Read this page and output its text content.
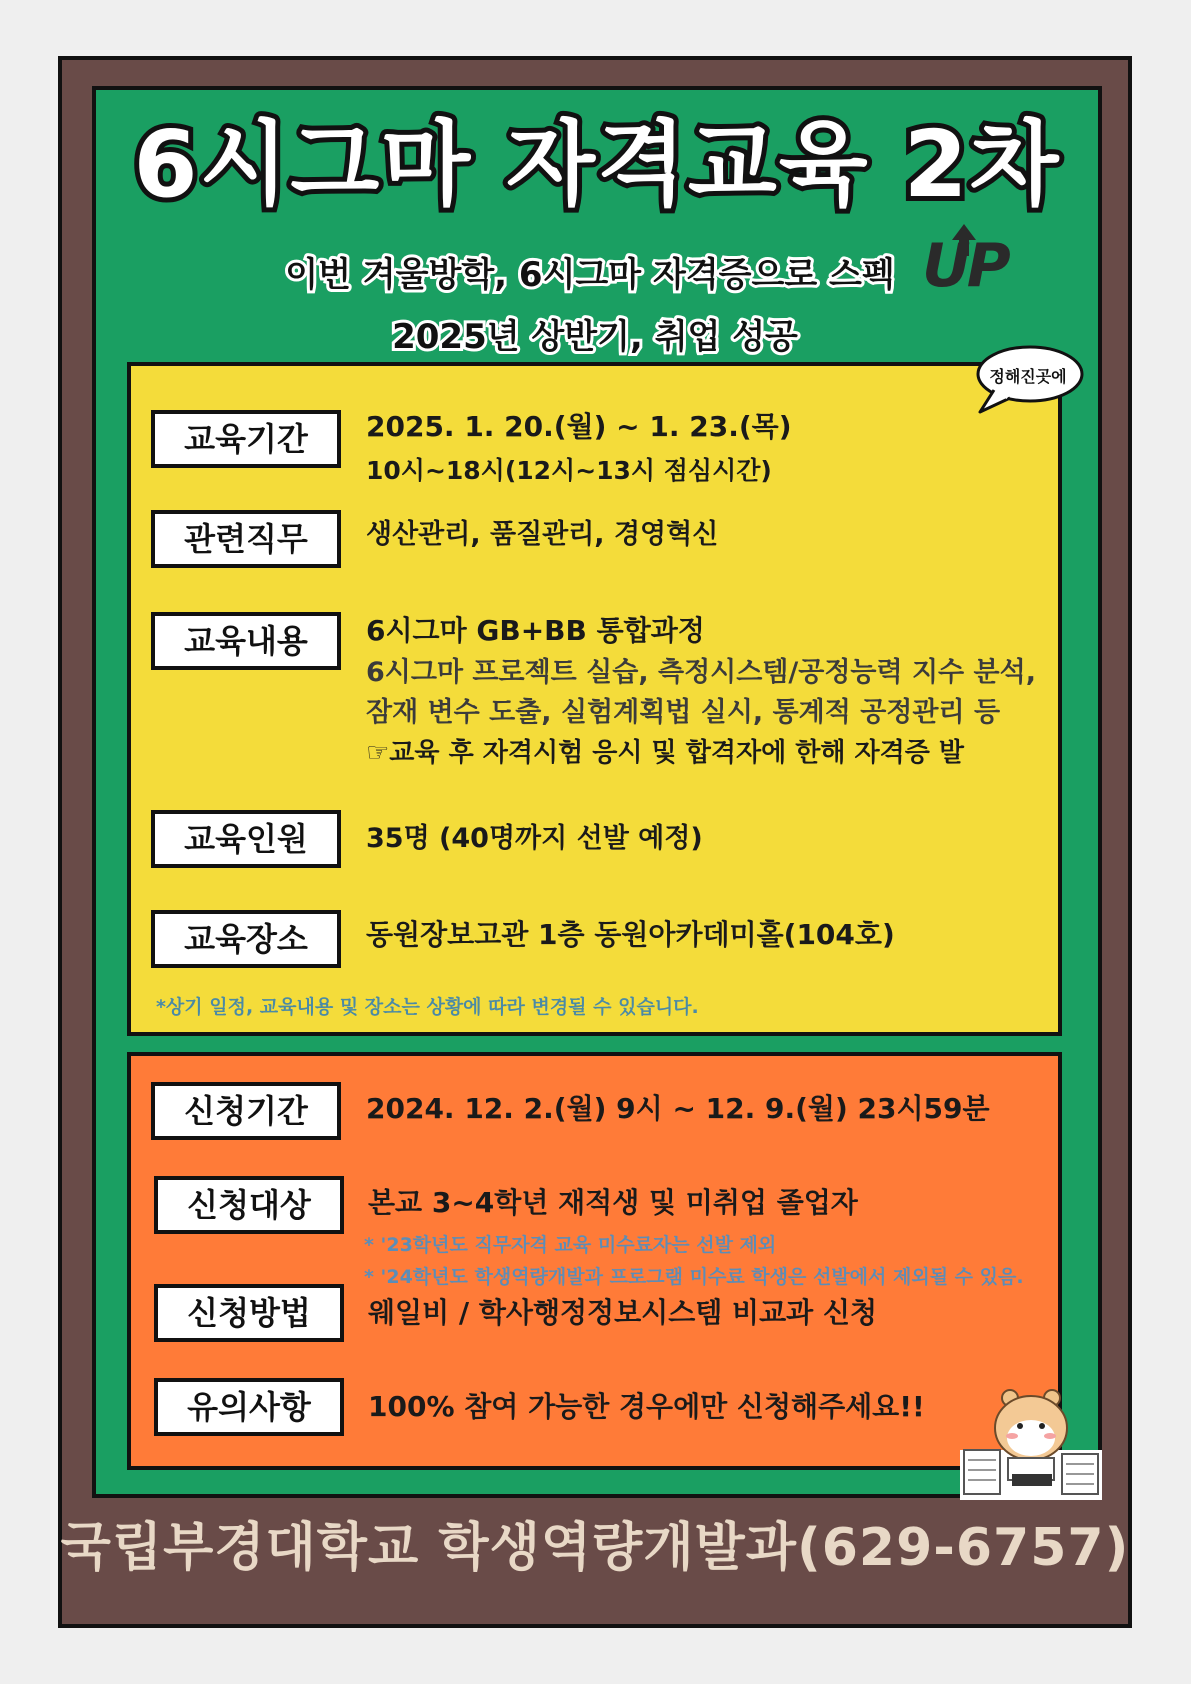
6시그마 자격교육 2차
이번 겨울방학, 6시그마 자격증으로 스펙 UP
2025년 상반기, 취업 성공
정해진곳에
교육기간	2025. 1. 20.(월) ~ 1. 23.(목)
10시~18시(12시~13시 점심시간)
관련직무	생산관리, 품질관리, 경영혁신
교육내용	6시그마 GB+BB 통합과정
6시그마 프로젝트 실습, 측정시스템/공정능력 지수 분석,
잠재 변수 도출, 실험계획법 실시, 통계적 공정관리 등
☞교육 후 자격시험 응시 및 합격자에 한해 자격증 발
교육인원	35명 (40명까지 선발 예정)
교육장소	동원장보고관 1층 동원아카데미홀(104호)
*상기 일정, 교육내용 및 장소는 상황에 따라 변경될 수 있습니다.
신청기간	2024. 12. 2.(월) 9시 ~ 12. 9.(월) 23시59분
신청대상	본교 3~4학년 재적생 및 미취업 졸업자
* '23학년도 직무자격 교육 미수료자는 선발 제외
* '24학년도 학생역량개발과 프로그램 미수료 학생은 선발에서 제외될 수 있음.
신청방법	웨일비 / 학사행정정보시스템 비교과 신청
유의사항	100% 참여 가능한 경우에만 신청해주세요!!
국립부경대학교 학생역량개발과(629-6757)
